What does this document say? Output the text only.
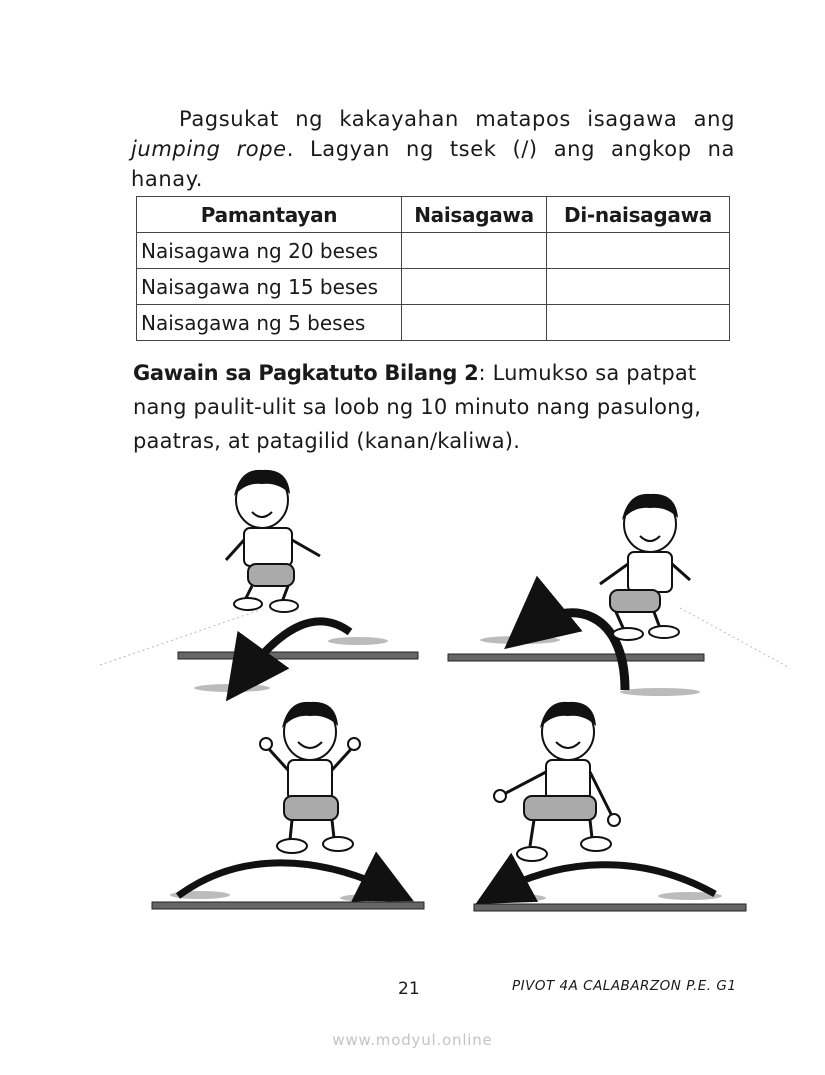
Pagsukat ng kakayahan matapos isagawa ang jumping rope. Lagyan ng tsek (/) ang angkop na hanay.

Pamantayan	Naisagawa	Di-naisagawa
Naisagawa ng 20 beses		
Naisagawa ng 15 beses		
Naisagawa ng 5 beses		

Gawain sa Pagkatuto Bilang 2: Lumukso sa patpat nang paulit-ulit sa loob ng 10 minuto nang pasulong, paatras, at patagilid (kanan/kaliwa).

21	PIVOT 4A CALABARZON P.E. G1
www.modyul.online
